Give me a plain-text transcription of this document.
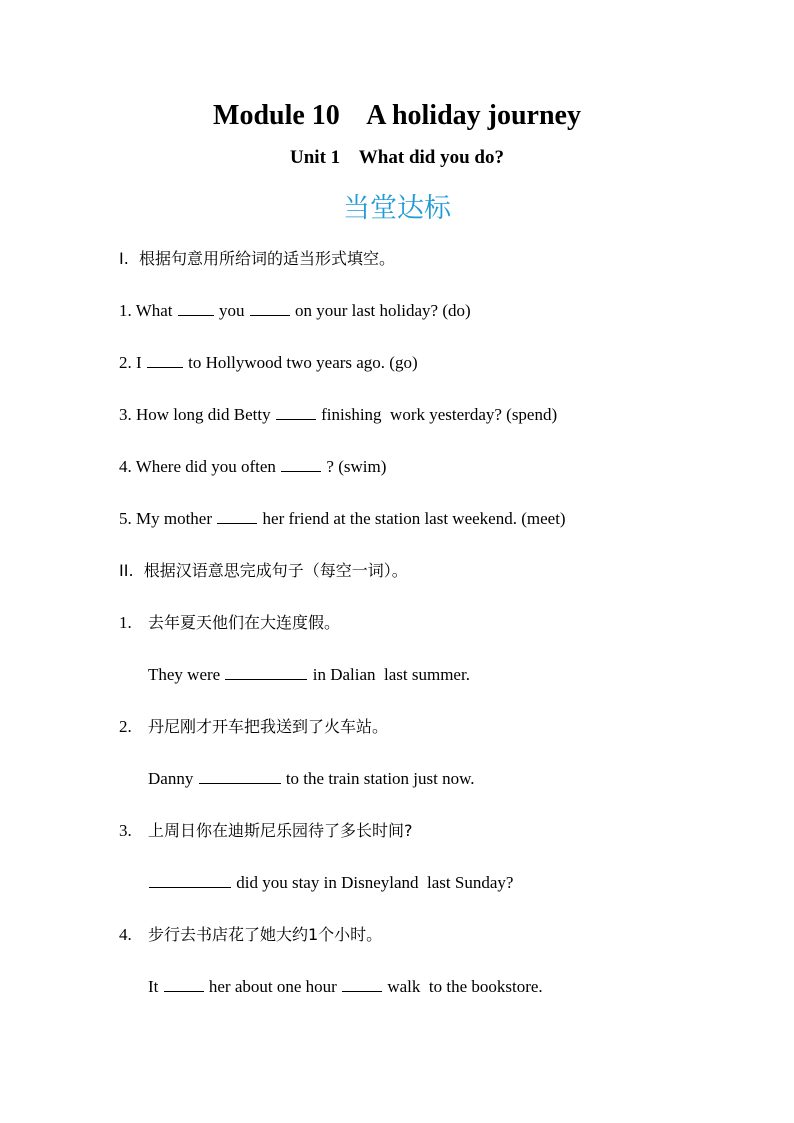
Module 10    A holiday journey
Unit 1    What did you do?
当堂达标
I.  根据句意用所给词的适当形式填空。
1. What  you  on your last holiday? (do)
2. I  to Hollywood two years ago. (go)
3. How long did Betty  finishing  work yesterday? (spend)
4. Where did you often  ? (swim)
5. My mother  her friend at the station last weekend. (meet)
II.  根据汉语意思完成句子（每空一词）。
1. 去年夏天他们在大连度假。
They were	in Dalian  last summer.
2. 丹尼刚才开车把我送到了火车站。
Danny	to the train station just now.
3. 上周日你在迪斯尼乐园待了多长时间?
did you stay in Disneyland  last Sunday?
4. 步行去书店花了她大约1个小时。
It  her about one hour  walk  to the bookstore.
